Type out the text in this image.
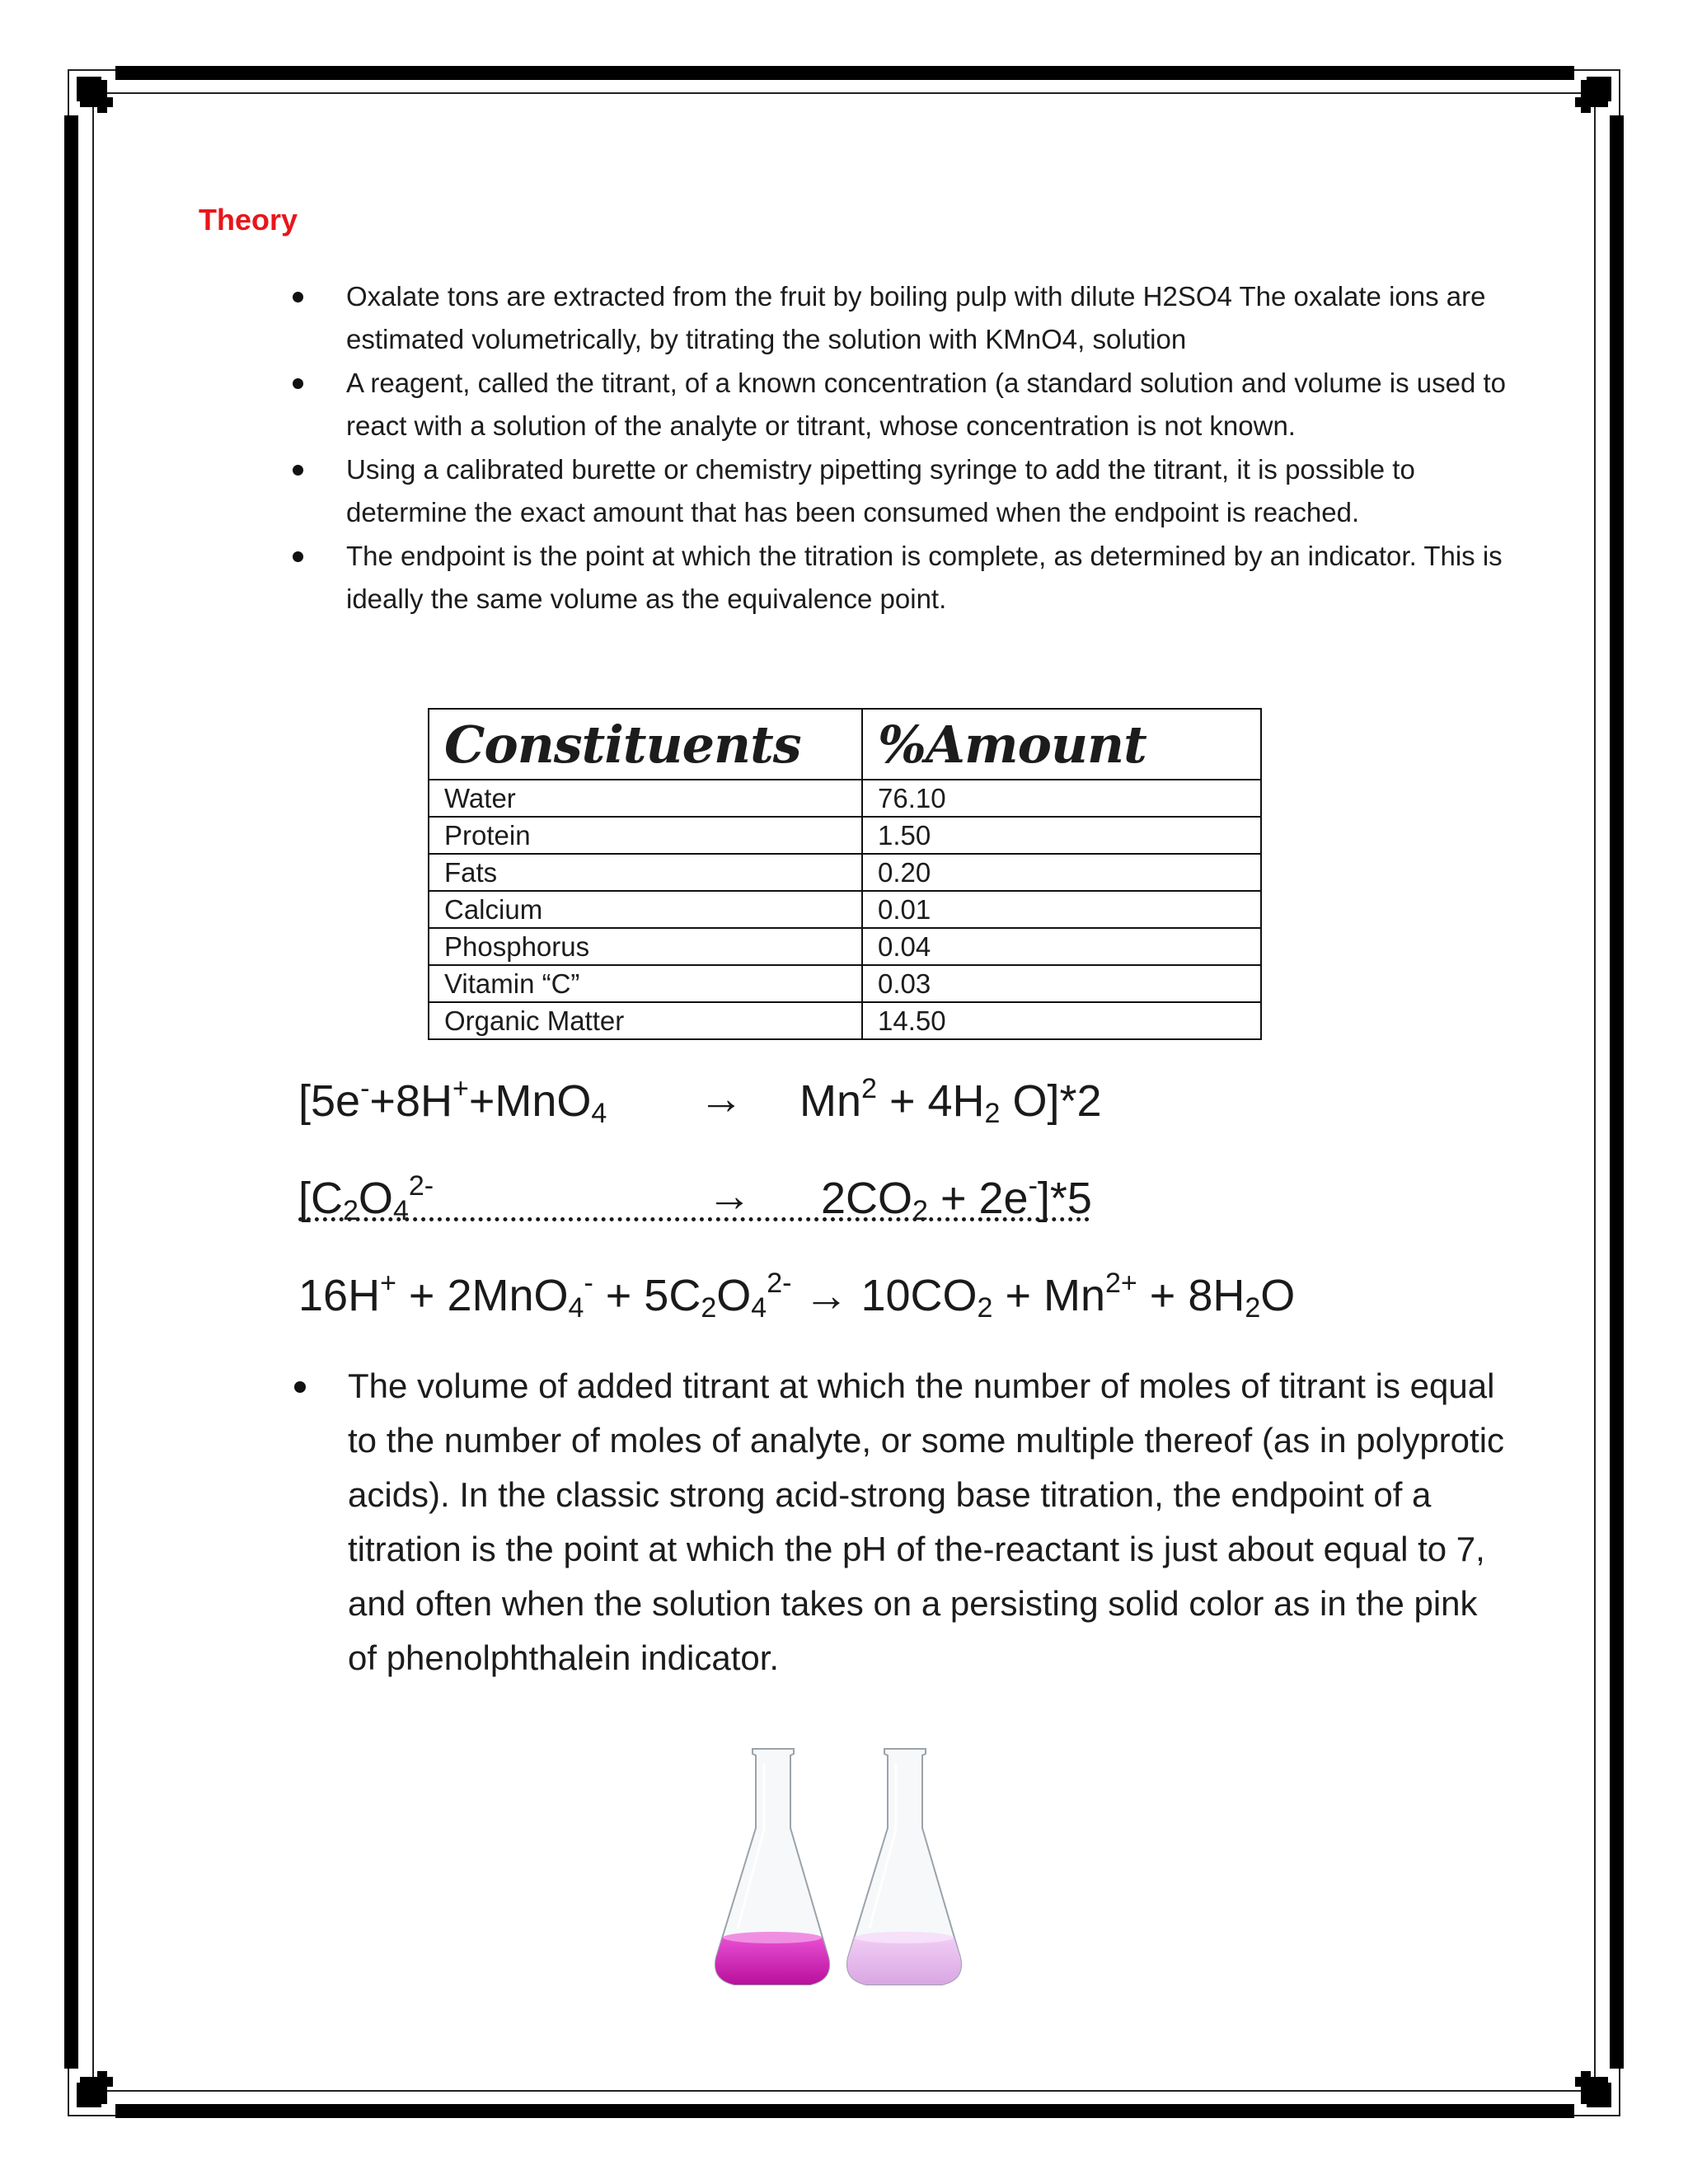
Theory
Oxalate tons are extracted from the fruit by boiling pulp with dilute H2SO4 The oxalate ions are estimated volumetrically, by titrating the solution with KMnO4, solution
A reagent, called the titrant, of a known concentration (a standard solution and volume is used to react with a solution of the analyte or titrant, whose concentration is not known.
Using a calibrated burette or chemistry pipetting syringe to add the titrant, it is possible to determine the exact amount that has been consumed when the endpoint is reached.
The endpoint is the point at which the titration is complete, as determined by an indicator. This is ideally the same volume as the equivalence point.
Constituents	%Amount
Water	76.10
Protein	1.50
Fats	0.20
Calcium	0.01
Phosphorus	0.04
Vitamin “C”	0.03
Organic Matter	14.50
[$5e^-+8H^++MnO_4 \to Mn^2 + 4H_2$ O]*2
[$C_2O_4^{2-}$	→ $2CO_2 + 2e^-]*5$
$16H^+ + 2MnO_4^- + 5C_2O_4^{2-} \to 10CO_2 + Mn^{2+} + 8H_2O$
The volume of added titrant at which the number of moles of titrant is equal to the number of moles of analyte, or some multiple thereof (as in polyprotic acids). In the classic strong acid-strong base titration, the endpoint of a titration is the point at which the pH of the-reactant is just about equal to 7, and often when the solution takes on a persisting solid color as in the pink of phenolphthalein indicator.
